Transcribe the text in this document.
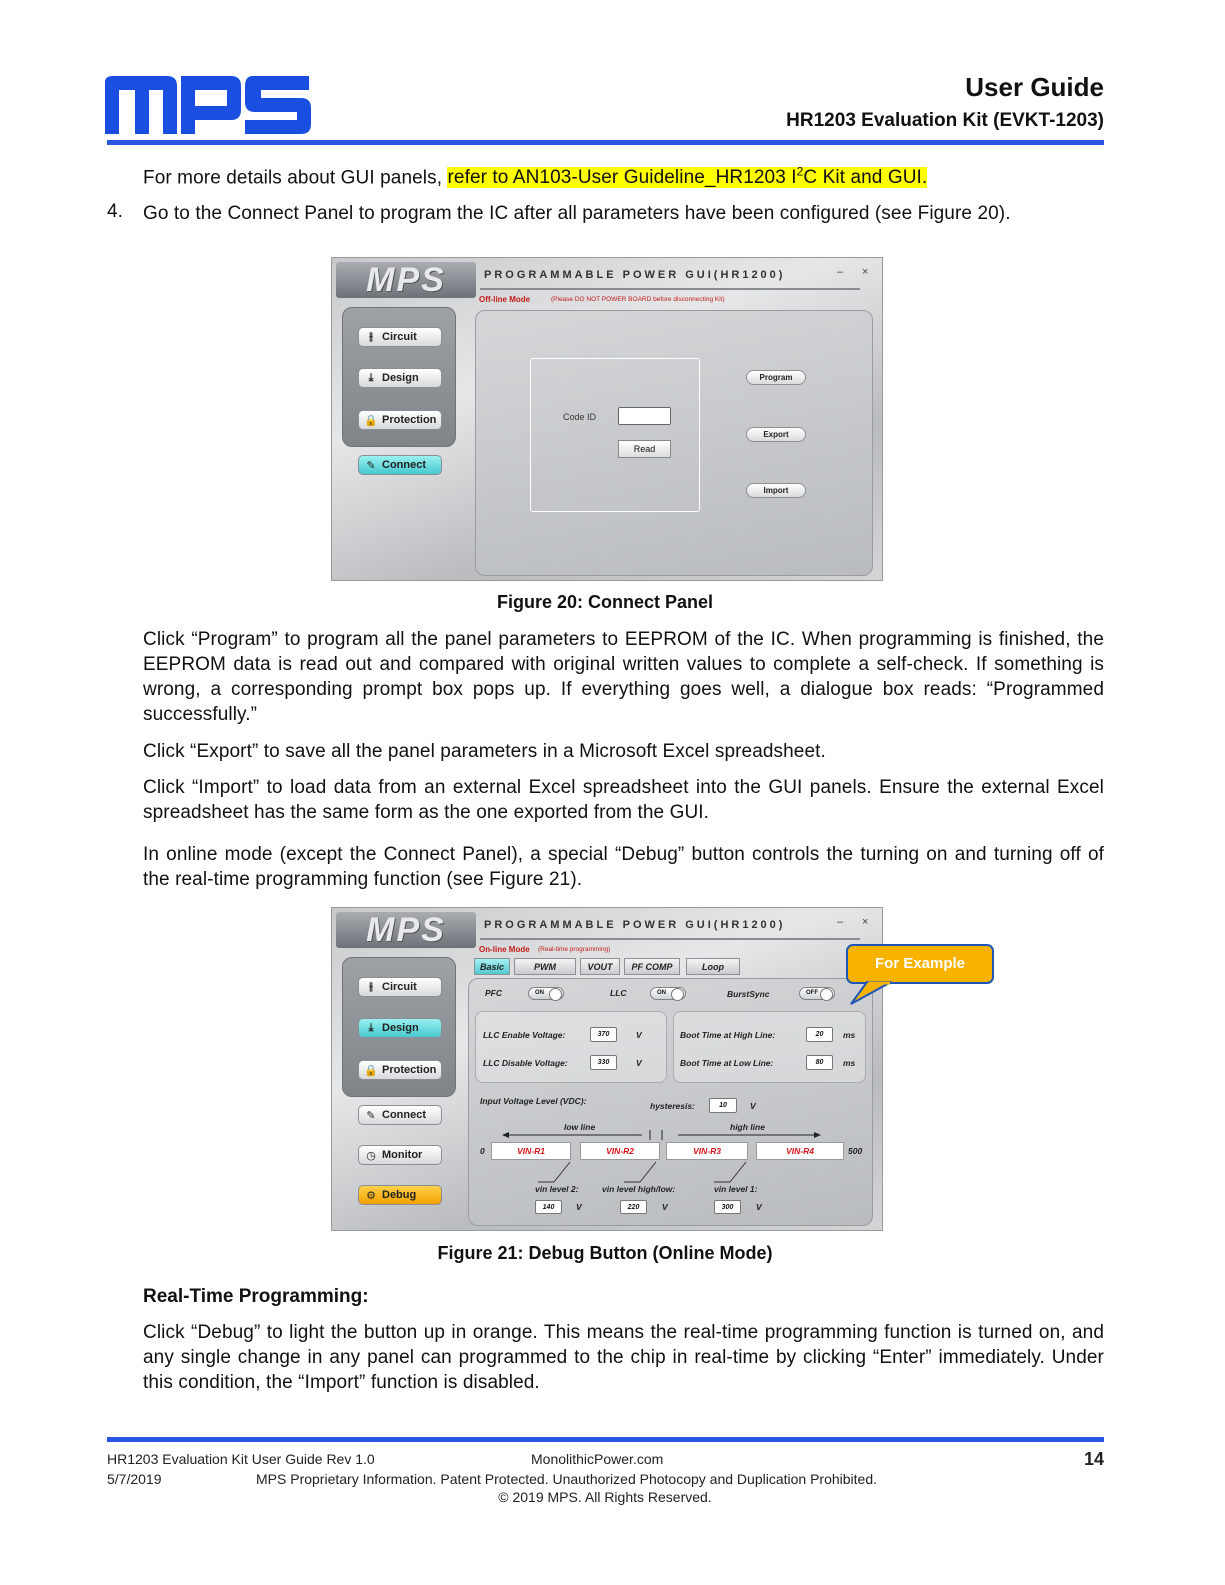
User Guide
HR1203 Evaluation Kit (EVKT-1203)

For more details about GUI panels, refer to AN103-User Guideline_HR1203 $I^2C$ Kit and GUI.

4. Go to the Connect Panel to program the IC after all parameters have been configured (see Figure 20).

MPS	PROGRAMMABLE POWER GUI(HR1200)	– ×
Off-line Mode	(Please DO NOT POWER BOARD before disconnecting Kit)
⫲ Circuit
⤓ Design
🔒 Protection
✎ Connect
Code ID
Read
Program
Export
Import
Figure 20: Connect Panel

Click “Program” to program all the panel parameters to EEPROM of the IC. When programming is finished, the EEPROM data is read out and compared with original written values to complete a self-check. If something is wrong, a corresponding prompt box pops up. If everything goes well, a dialogue box reads: “Programmed successfully.”

Click “Export” to save all the panel parameters in a Microsoft Excel spreadsheet.

Click “Import” to load data from an external Excel spreadsheet into the GUI panels. Ensure the external Excel spreadsheet has the same form as the one exported from the GUI.

In online mode (except the Connect Panel), a special “Debug” button controls the turning on and turning off of the real-time programming function (see Figure 21).

MPS	PROGRAMMABLE POWER GUI(HR1200)	– ×
On-line Mode (Real-time programming)
Basic	PWM	VOUT	PF COMP	Loop
⫲ Circuit
⤓ Design
🔒 Protection
✎ Connect
◷ Monitor
⚙ Debug
PFC	ON	LLC	ON	BurstSync	OFF
LLC Enable Voltage:	370	V
LLC Disable Voltage:	330	V
Boot Time at High Line:	20	ms
Boot Time at Low Line:	80	ms
Input Voltage Level (VDC):	hysteresis:	10	V
low line	high line
0	VIN-R1	VIN-R2	VIN-R3	VIN-R4	500
vin level 2:	vin level high/low:	vin level 1:
140	V	220	V	300	V
For Example
Figure 21: Debug Button (Online Mode)
Real-Time Programming:

Click “Debug” to light the button up in orange. This means the real-time programming function is turned on, and any single change in any panel can programmed to the chip in real-time by clicking “Enter” immediately. Under this condition, the “Import” function is disabled.

HR1203 Evaluation Kit User Guide Rev 1.0	MonolithicPower.com	14
5/7/2019	MPS Proprietary Information. Patent Protected. Unauthorized Photocopy and Duplication Prohibited.
© 2019 MPS. All Rights Reserved.
